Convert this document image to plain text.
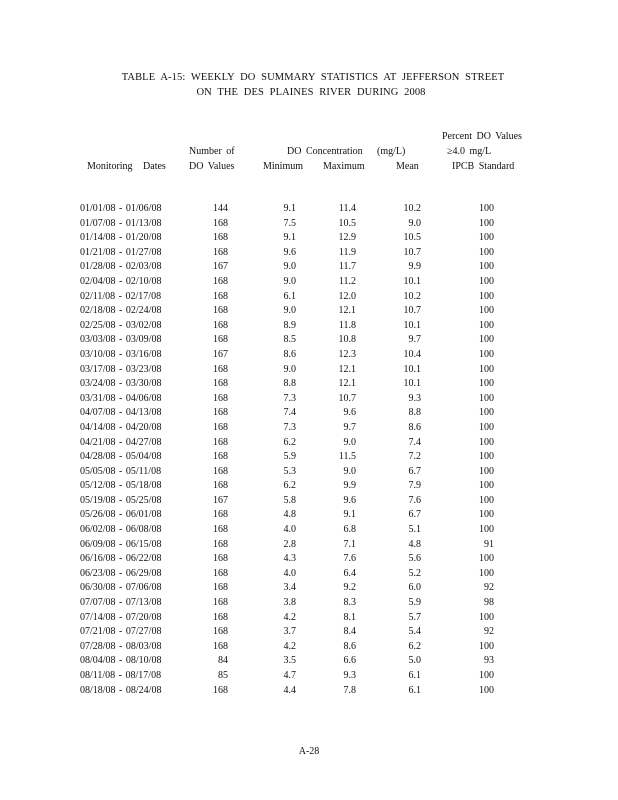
TABLE A-15: WEEKLY DO SUMMARY STATISTICS AT JEFFERSON STREET
ON THE DES PLAINES RIVER DURING 2008
Percent DO Values
≥4.0 mg/L
IPCB Standard
Number of
DO Values
DO Concentration (mg/L)
Minimum Maximum	Mean
Monitoring Dates
01/01/08 - 01/06/08	144	9.1	11.4	10.2	100
01/07/08 - 01/13/08	168	7.5	10.5	9.0	100
01/14/08 - 01/20/08	168	9.1	12.9	10.5	100
01/21/08 - 01/27/08	168	9.6	11.9	10.7	100
01/28/08 - 02/03/08	167	9.0	11.7	9.9	100
02/04/08 - 02/10/08	168	9.0	11.2	10.1	100
02/11/08 - 02/17/08	168	6.1	12.0	10.2	100
02/18/08 - 02/24/08	168	9.0	12.1	10.7	100
02/25/08 - 03/02/08	168	8.9	11.8	10.1	100
03/03/08 - 03/09/08	168	8.5	10.8	9.7	100
03/10/08 - 03/16/08	167	8.6	12.3	10.4	100
03/17/08 - 03/23/08	168	9.0	12.1	10.1	100
03/24/08 - 03/30/08	168	8.8	12.1	10.1	100
03/31/08 - 04/06/08	168	7.3	10.7	9.3	100
04/07/08 - 04/13/08	168	7.4	9.6	8.8	100
04/14/08 - 04/20/08	168	7.3	9.7	8.6	100
04/21/08 - 04/27/08	168	6.2	9.0	7.4	100
04/28/08 - 05/04/08	168	5.9	11.5	7.2	100
05/05/08 - 05/11/08	168	5.3	9.0	6.7	100
05/12/08 - 05/18/08	168	6.2	9.9	7.9	100
05/19/08 - 05/25/08	167	5.8	9.6	7.6	100
05/26/08 - 06/01/08	168	4.8	9.1	6.7	100
06/02/08 - 06/08/08	168	4.0	6.8	5.1	100
06/09/08 - 06/15/08	168	2.8	7.1	4.8	91
06/16/08 - 06/22/08	168	4.3	7.6	5.6	100
06/23/08 - 06/29/08	168	4.0	6.4	5.2	100
06/30/08 - 07/06/08	168	3.4	9.2	6.0	92
07/07/08 - 07/13/08	168	3.8	8.3	5.9	98
07/14/08 - 07/20/08	168	4.2	8.1	5.7	100
07/21/08 - 07/27/08	168	3.7	8.4	5.4	92
07/28/08 - 08/03/08	168	4.2	8.6	6.2	100
08/04/08 - 08/10/08	84	3.5	6.6	5.0	93
08/11/08 - 08/17/08	85	4.7	9.3	6.1	100
08/18/08 - 08/24/08	168	4.4	7.8	6.1	100
A-28
